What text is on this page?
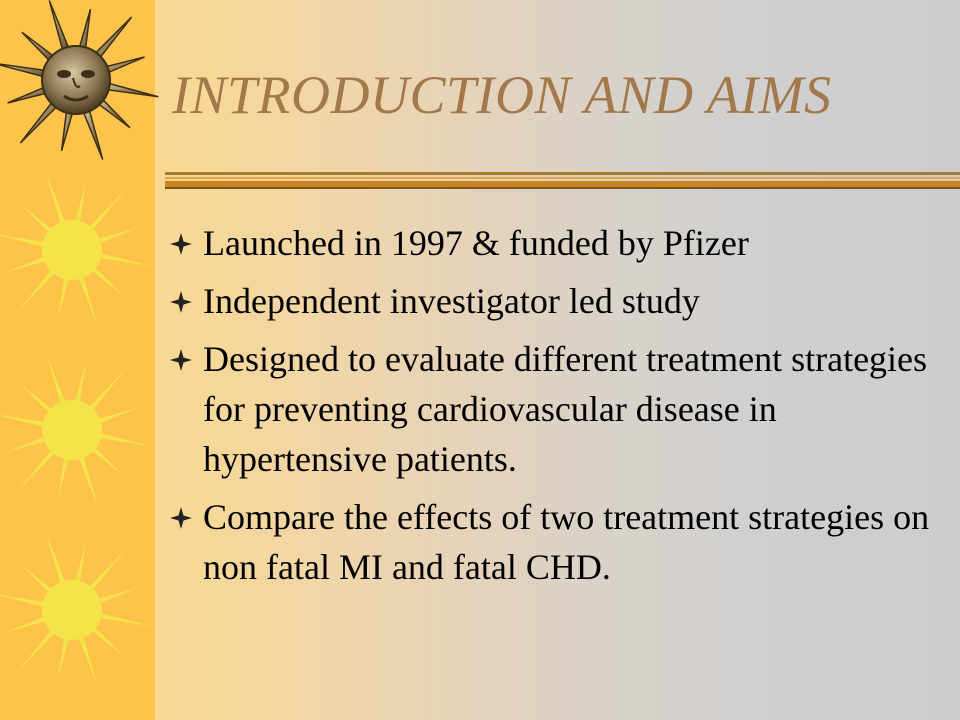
INTRODUCTION AND AIMS
Launched in 1997 & funded by Pfizer
Independent investigator led study
Designed to evaluate different treatment strategies for preventing cardiovascular disease in hypertensive patients.
Compare the effects of two treatment strategies on non fatal MI and fatal CHD.
